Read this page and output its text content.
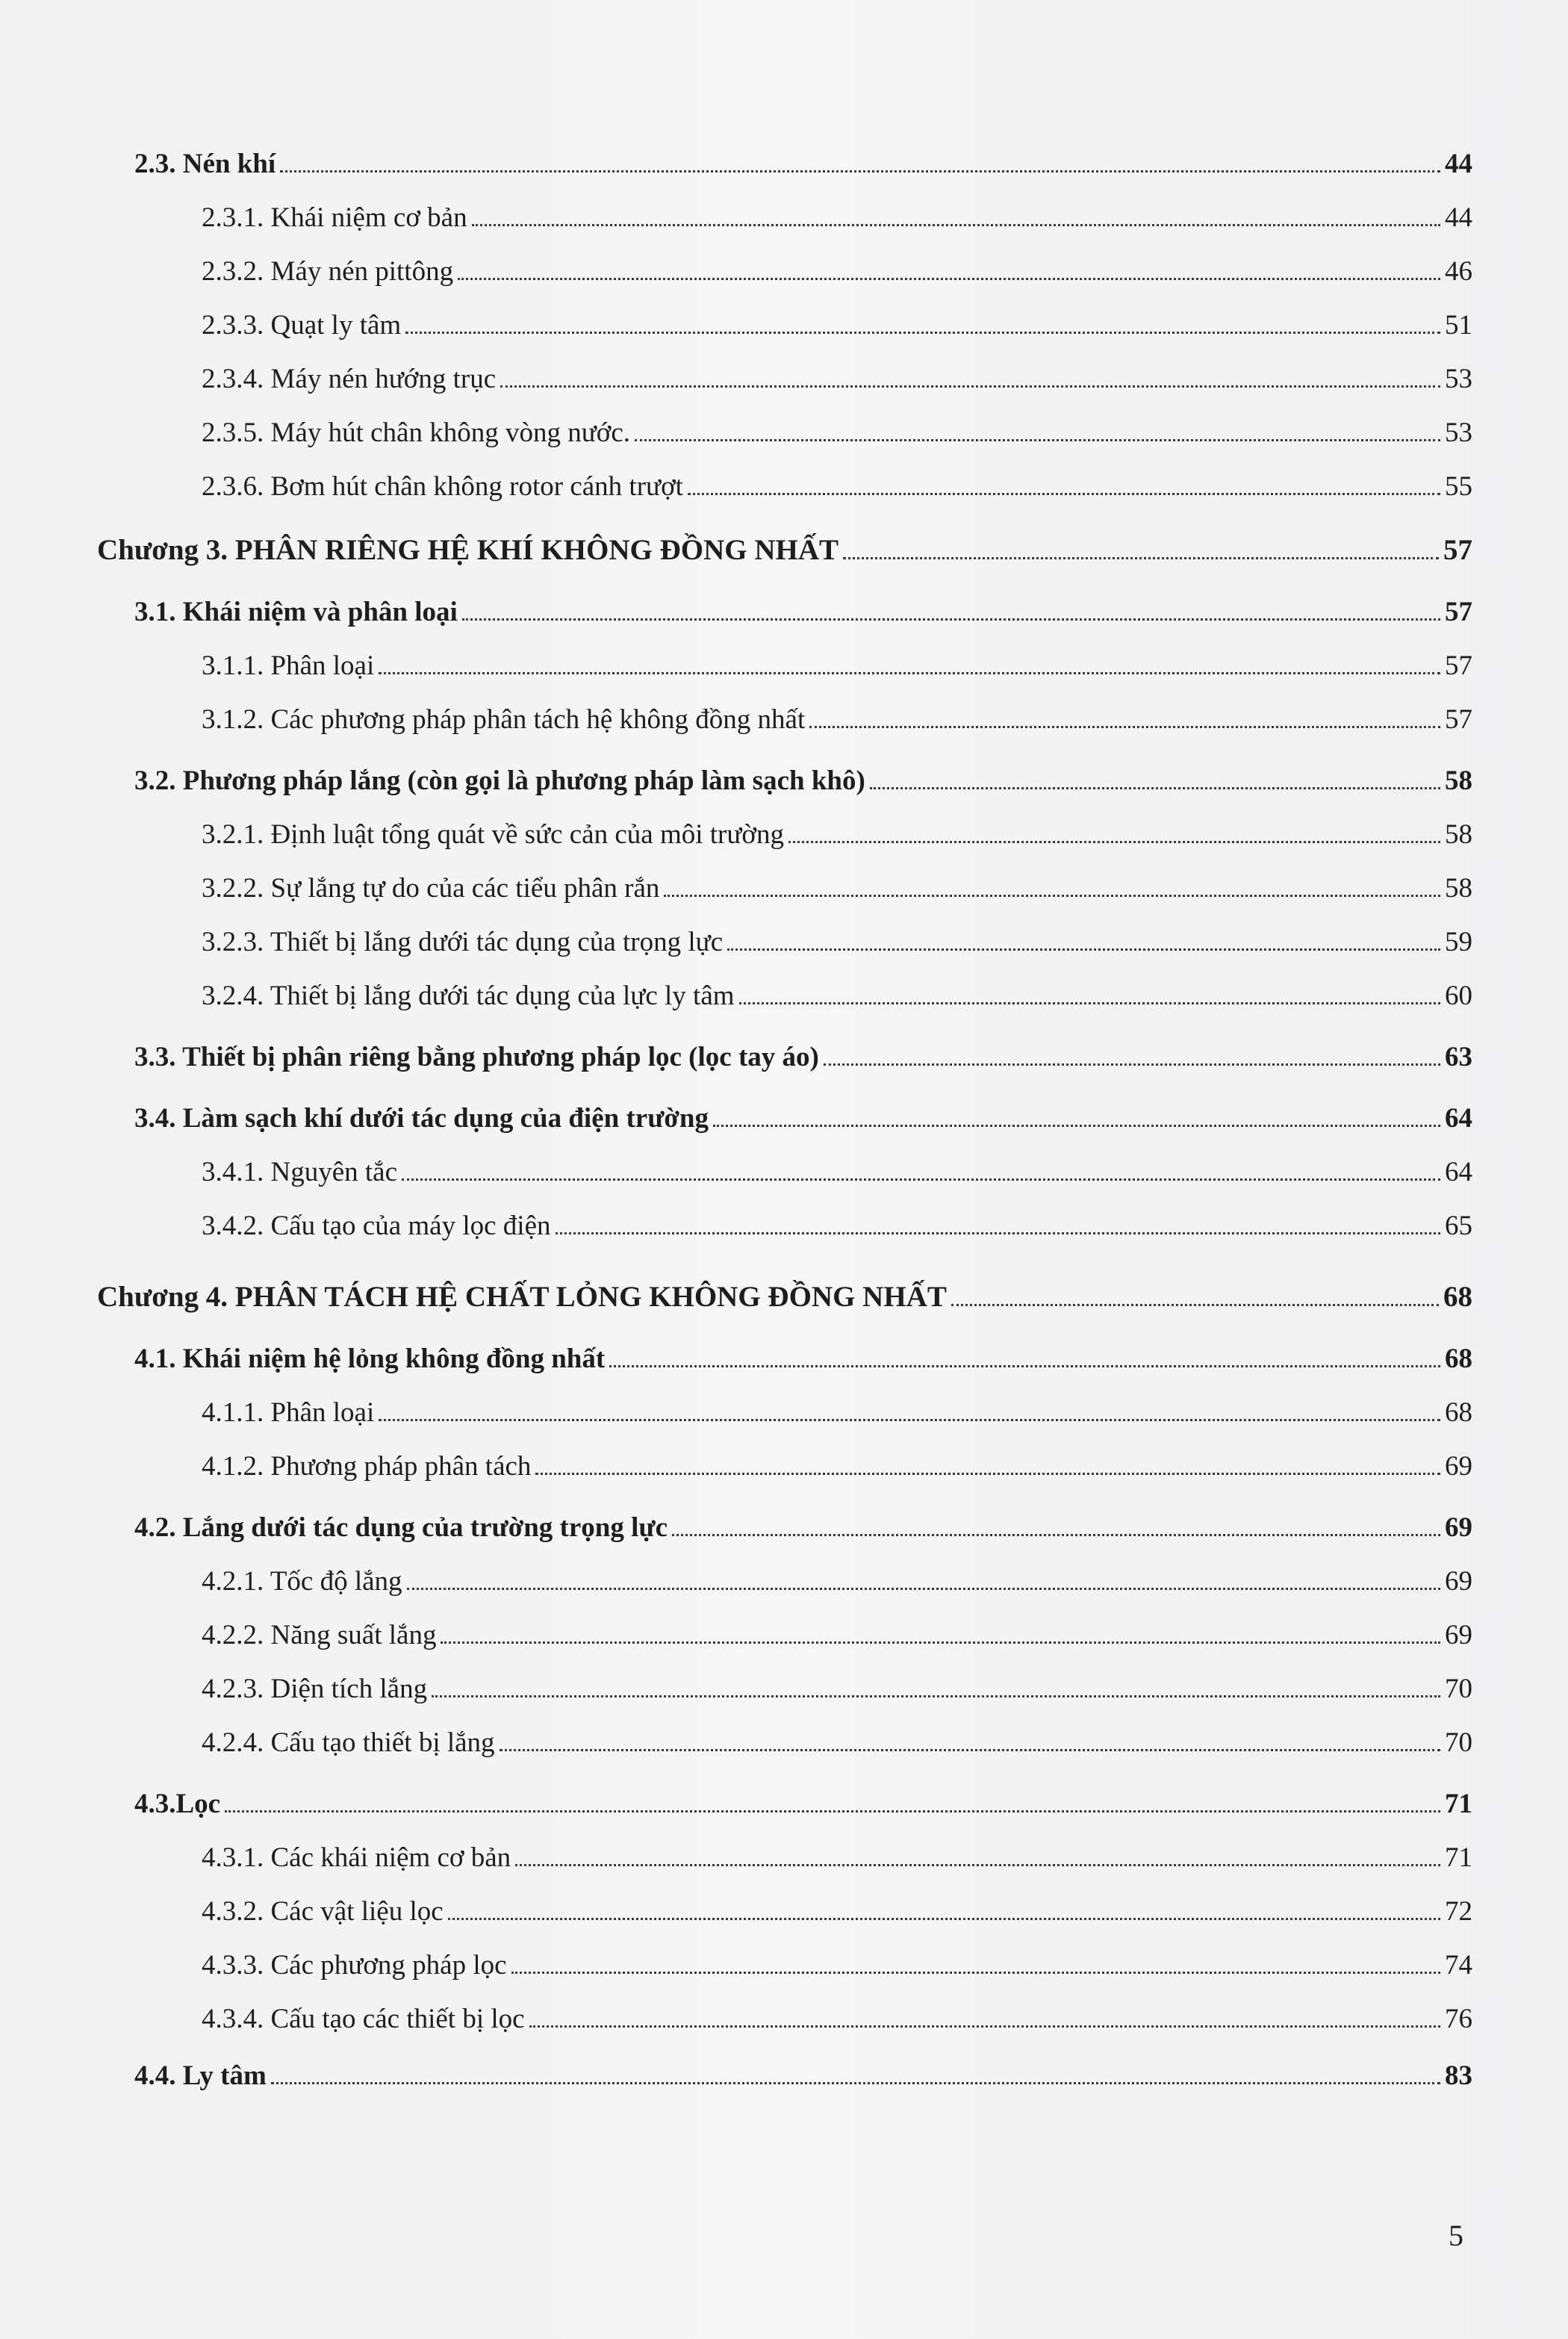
2.3. Nén khí	44
2.3.1. Khái niệm cơ bản	44
2.3.2. Máy nén pittông	46
2.3.3. Quạt ly tâm	51
2.3.4. Máy nén hướng trục	53
2.3.5. Máy hút chân không vòng nước.	53
2.3.6. Bơm hút chân không rotor cánh trượt	55
Chương 3. PHÂN RIÊNG HỆ KHÍ KHÔNG ĐỒNG NHẤT	57
3.1. Khái niệm và phân loại	57
3.1.1. Phân loại	57
3.1.2. Các phương pháp phân tách hệ không đồng nhất	57
3.2. Phương pháp lắng (còn gọi là phương pháp làm sạch khô)	58
3.2.1. Định luật tổng quát về sức cản của môi trường	58
3.2.2. Sự lắng tự do của các tiểu phân rắn	58
3.2.3. Thiết bị lắng dưới tác dụng của trọng lực	59
3.2.4. Thiết bị lắng dưới tác dụng của lực ly tâm	60
3.3. Thiết bị phân riêng bằng phương pháp lọc (lọc tay áo)	63
3.4. Làm sạch khí dưới tác dụng của điện trường	64
3.4.1. Nguyên tắc	64
3.4.2. Cấu tạo của máy lọc điện	65
Chương 4. PHÂN TÁCH HỆ CHẤT LỎNG KHÔNG ĐỒNG NHẤT	68
4.1. Khái niệm hệ lỏng không đồng nhất	68
4.1.1. Phân loại	68
4.1.2. Phương pháp phân tách	69
4.2. Lắng dưới tác dụng của trường trọng lực	69
4.2.1. Tốc độ lắng	69
4.2.2. Năng suất lắng	69
4.2.3. Diện tích lắng	70
4.2.4. Cấu tạo thiết bị lắng	70
4.3.Lọc	71
4.3.1. Các khái niệm cơ bản	71
4.3.2. Các vật liệu lọc	72
4.3.3. Các phương pháp lọc	74
4.3.4. Cấu tạo các thiết bị lọc	76
4.4. Ly tâm	83
5
